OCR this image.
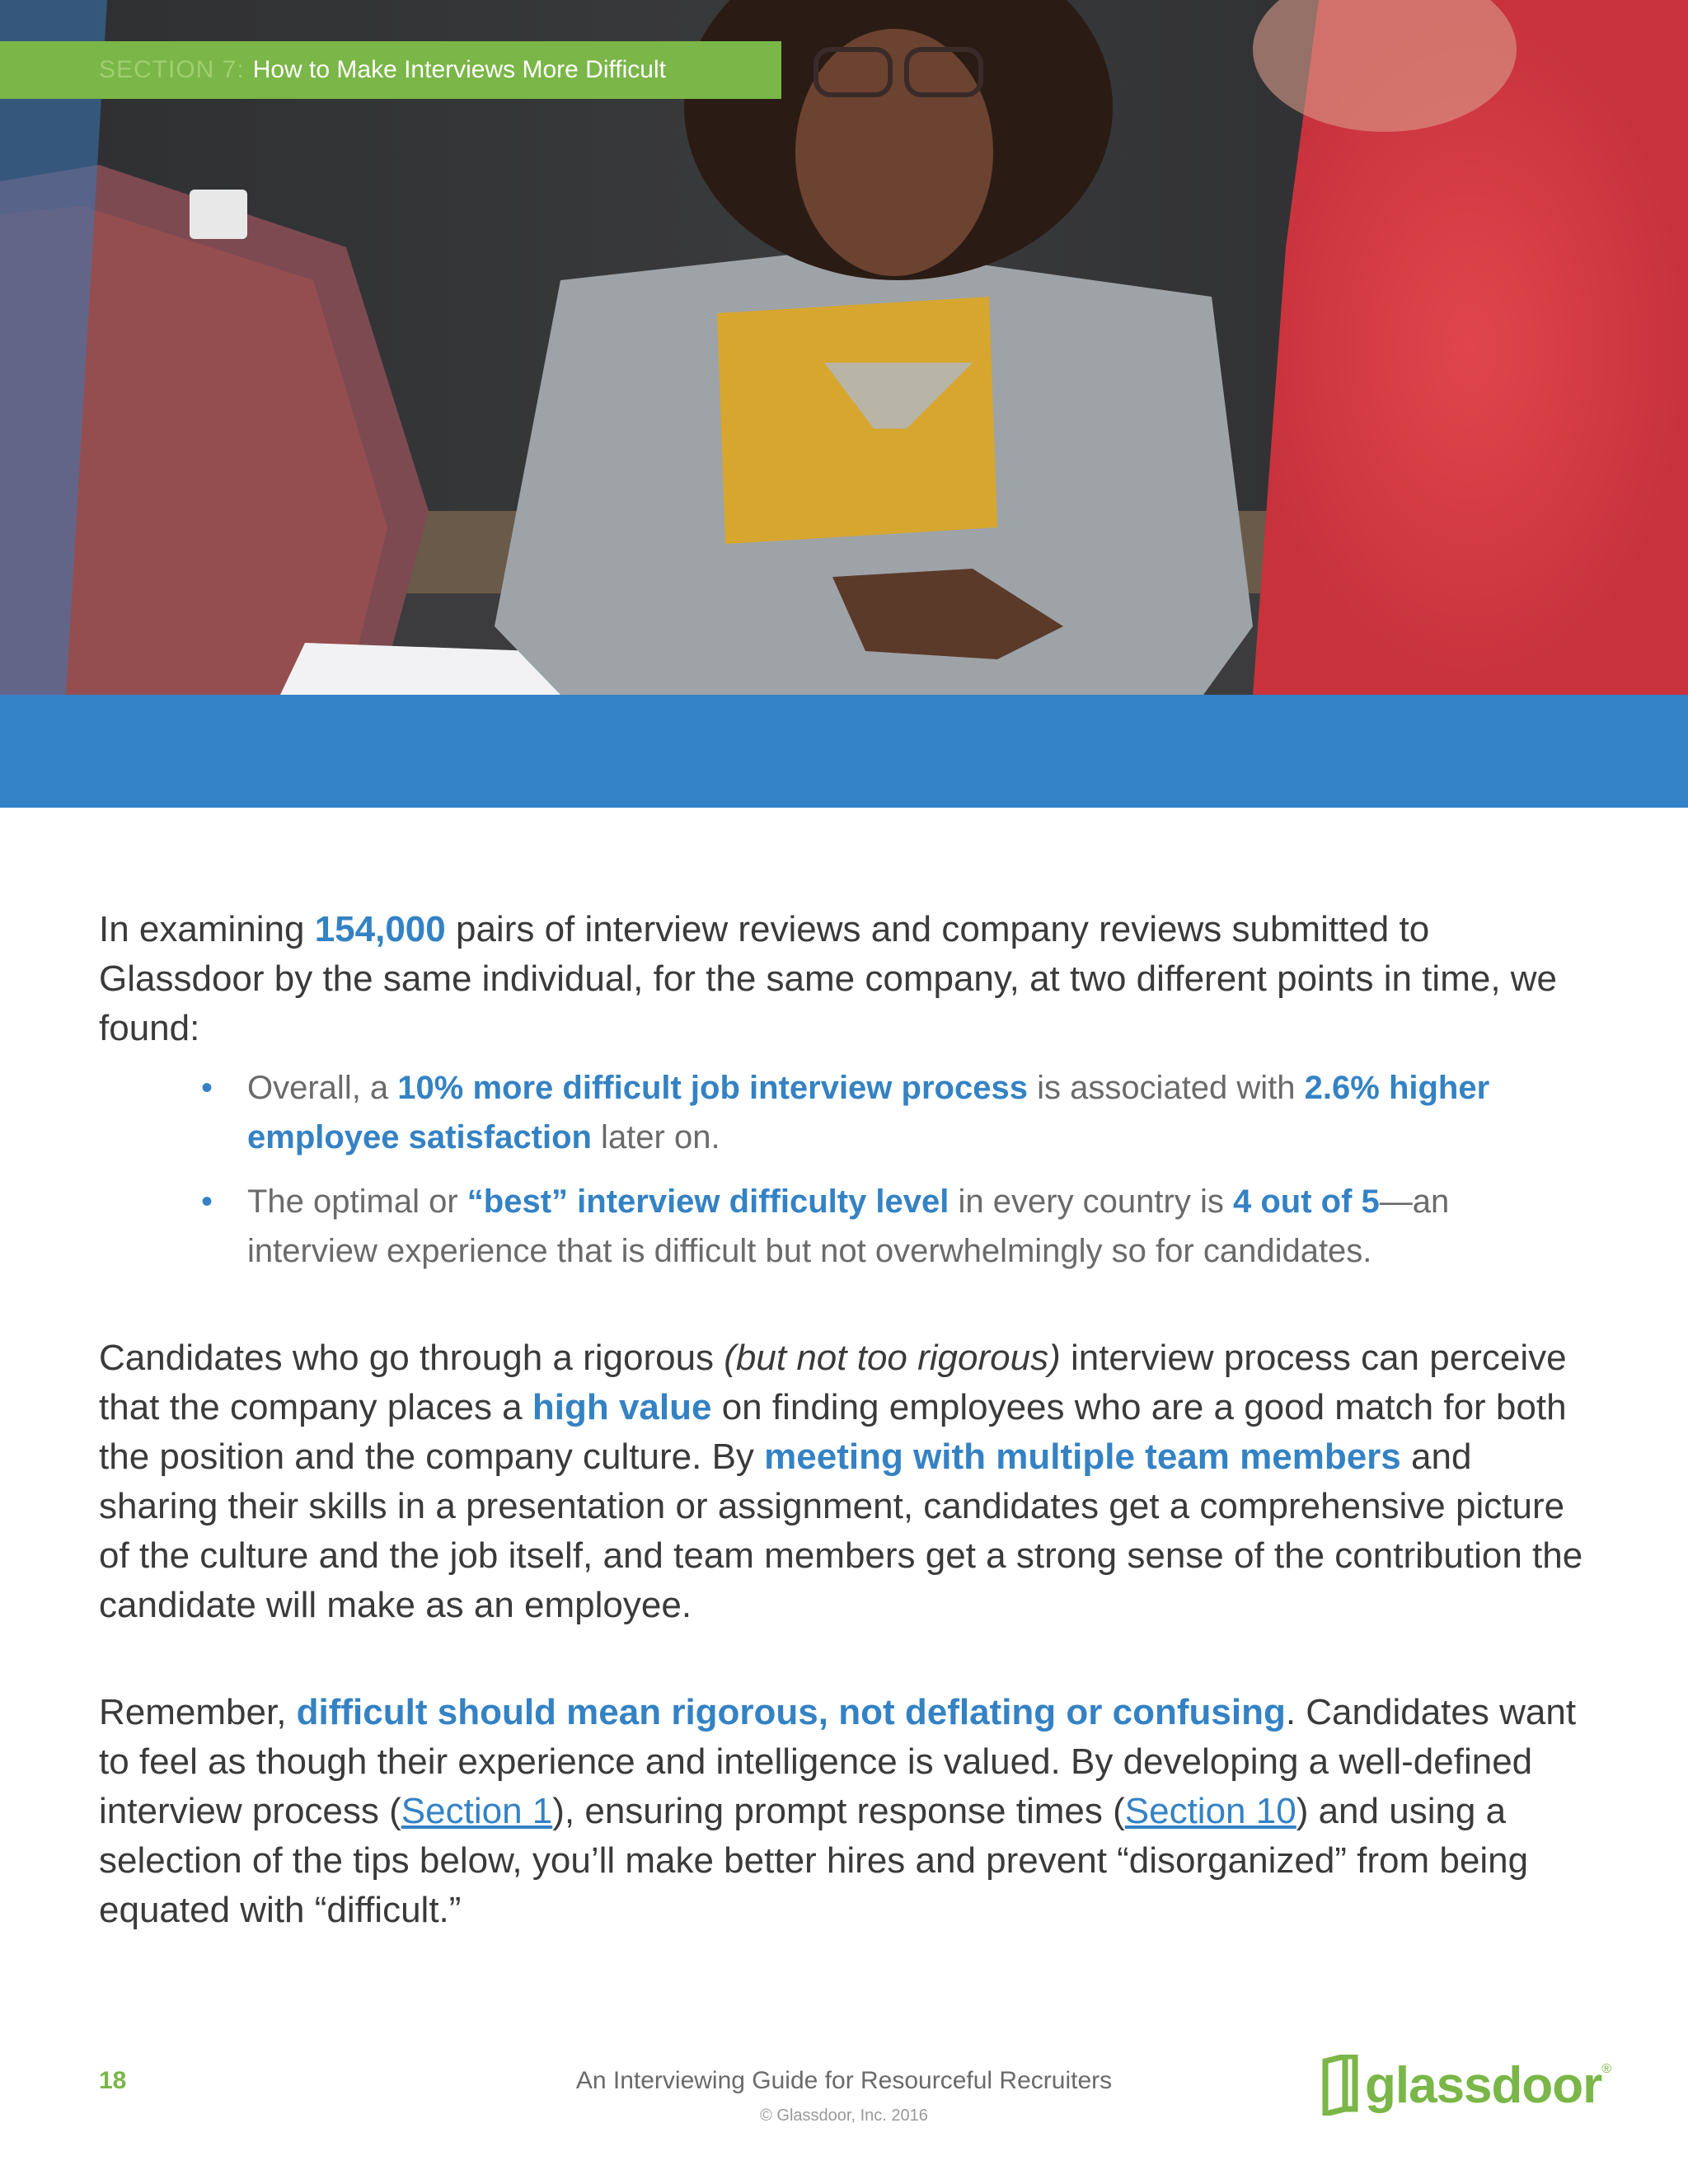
SECTION 7: How to Make Interviews More Difficult

In examining 154,000 pairs of interview reviews and company reviews submitted to Glassdoor by the same individual, for the same company, at two different points in time, we found:

• Overall, a 10% more difficult job interview process is associated with 2.6% higher employee satisfaction later on.
• The optimal or “best” interview difficulty level in every country is 4 out of 5—an interview experience that is difficult but not overwhelmingly so for candidates.

Candidates who go through a rigorous (but not too rigorous) interview process can perceive that the company places a high value on finding employees who are a good match for both the position and the company culture. By meeting with multiple team members and sharing their skills in a presentation or assignment, candidates get a comprehensive picture of the culture and the job itself, and team members get a strong sense of the contribution the candidate will make as an employee.

Remember, difficult should mean rigorous, not deflating or confusing. Candidates want to feel as though their experience and intelligence is valued. By developing a well-defined interview process (Section 1), ensuring prompt response times (Section 10) and using a selection of the tips below, you’ll make better hires and prevent “disorganized” from being equated with “difficult.”

18	An Interviewing Guide for Resourceful Recruiters
© Glassdoor, Inc. 2016
glassdoor ®
